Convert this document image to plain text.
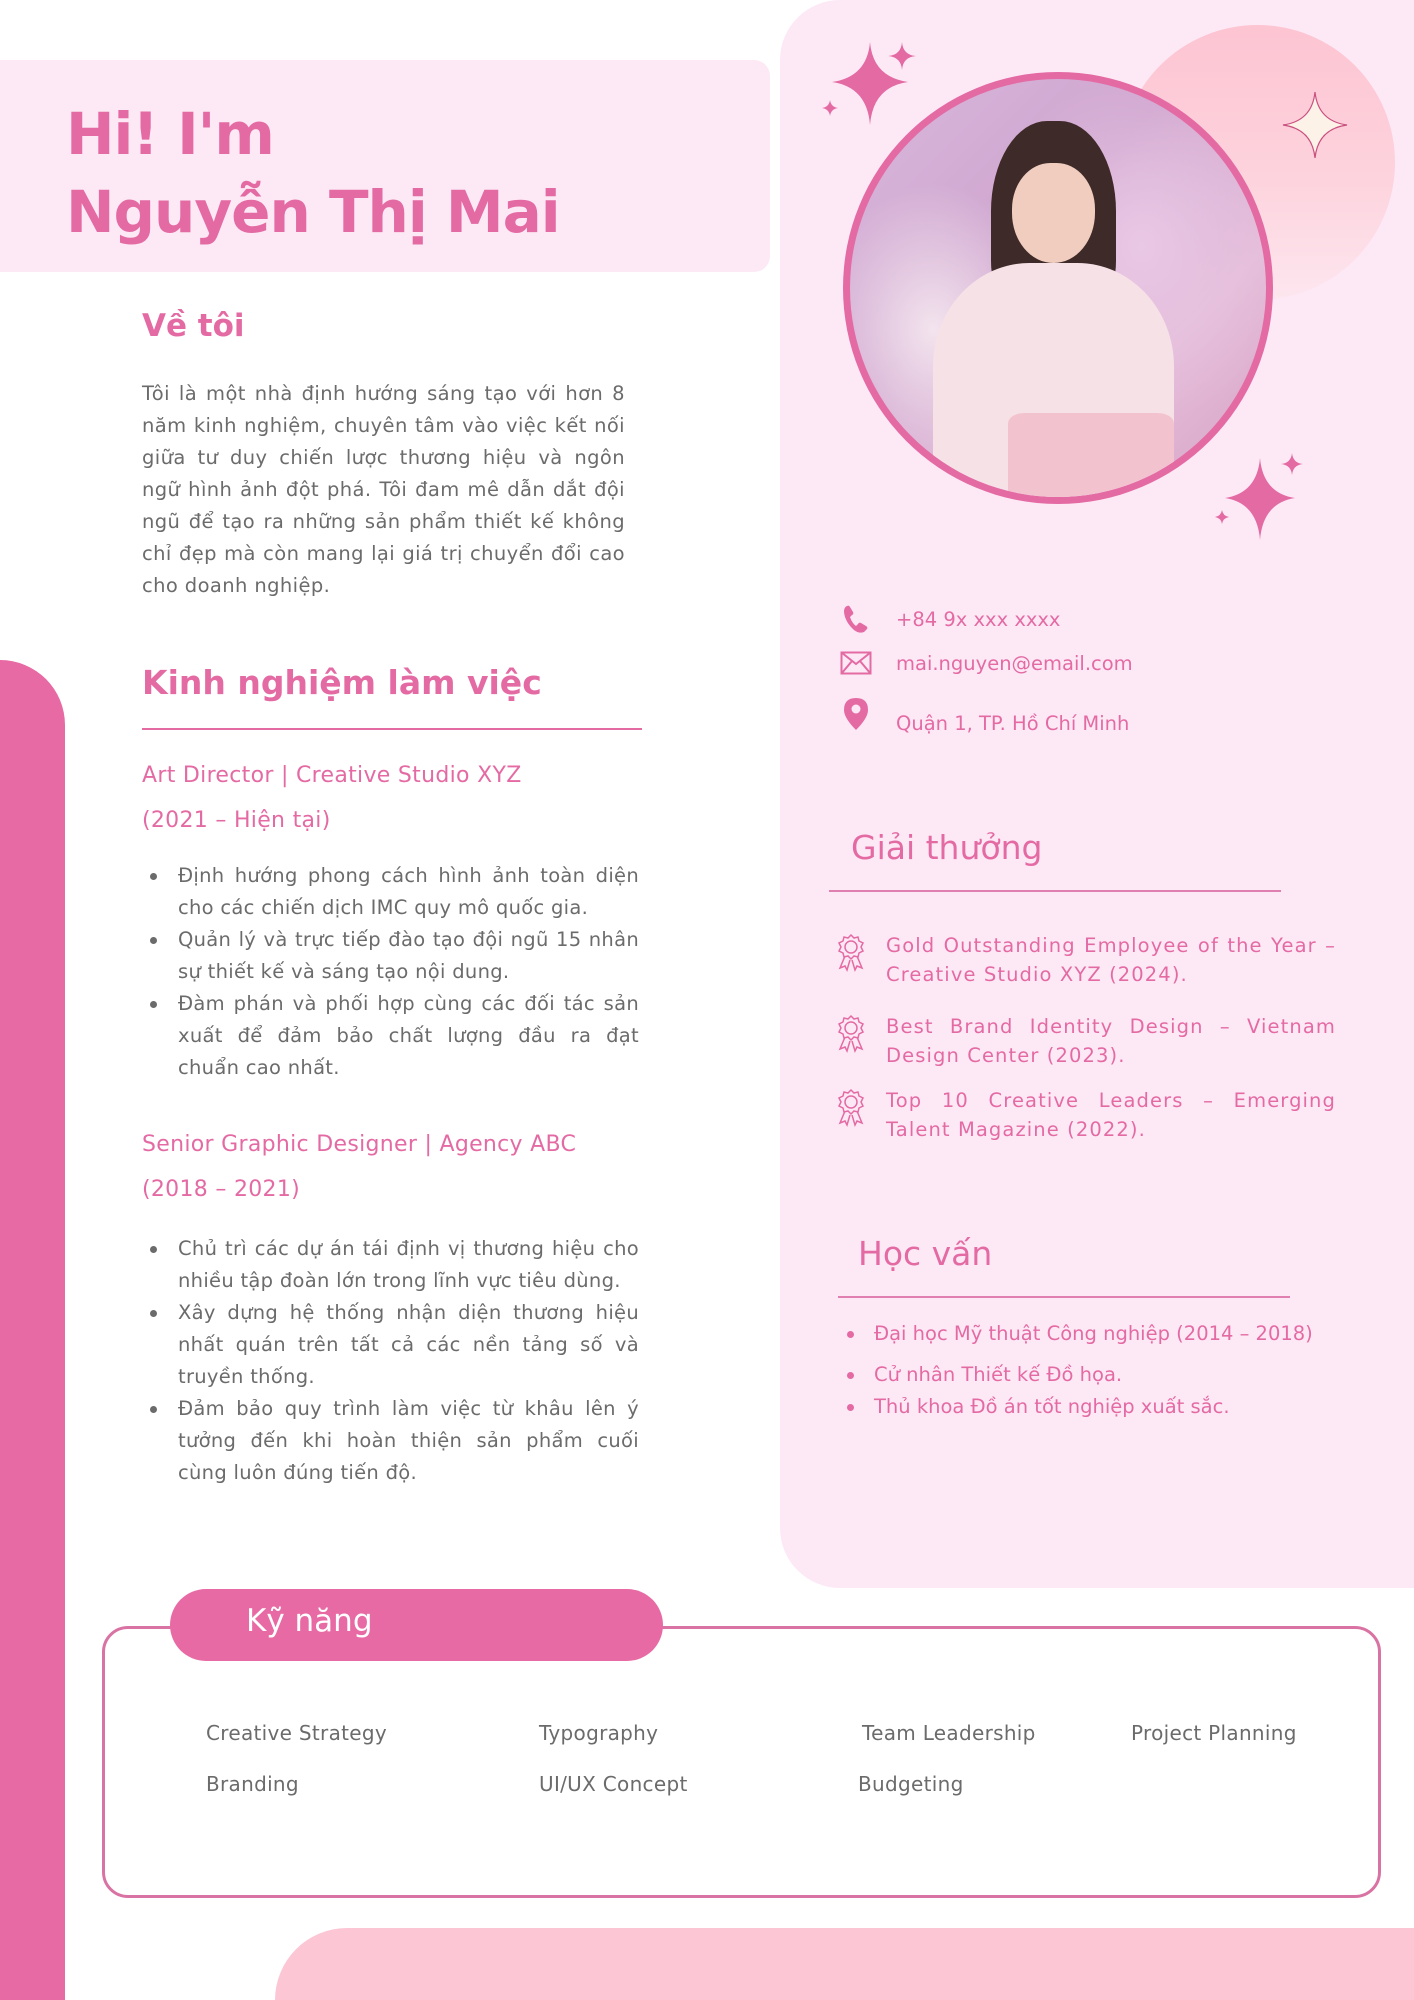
Hi! I'm
Nguyễn Thị Mai
Về tôi

Tôi là một nhà định hướng sáng tạo với hơn 8 năm kinh nghiệm, chuyên tâm vào việc kết nối giữa tư duy chiến lược thương hiệu và ngôn ngữ hình ảnh đột phá. Tôi đam mê dẫn dắt đội ngũ để tạo ra những sản phẩm thiết kế không chỉ đẹp mà còn mang lại giá trị chuyển đổi cao cho doanh nghiệp.

Kinh nghiệm làm việc
Art Director | Creative Studio XYZ
(2021 – Hiện tại)
Định hướng phong cách hình ảnh toàn diện cho các chiến dịch IMC quy mô quốc gia.
Quản lý và trực tiếp đào tạo đội ngũ 15 nhân sự thiết kế và sáng tạo nội dung.
Đàm phán và phối hợp cùng các đối tác sản xuất để đảm bảo chất lượng đầu ra đạt chuẩn cao nhất.
Senior Graphic Designer | Agency ABC
(2018 – 2021)
Chủ trì các dự án tái định vị thương hiệu cho nhiều tập đoàn lớn trong lĩnh vực tiêu dùng.
Xây dựng hệ thống nhận diện thương hiệu nhất quán trên tất cả các nền tảng số và truyền thống.
Đảm bảo quy trình làm việc từ khâu lên ý tưởng đến khi hoàn thiện sản phẩm cuối cùng luôn đúng tiến độ.
+84 9x xxx xxxx
mai.nguyen@email.com
Quận 1, TP. Hồ Chí Minh
Giải thưởng
Gold Outstanding Employee of the Year – Creative Studio XYZ (2024).
Best Brand Identity Design – Vietnam Design Center (2023).
Top 10 Creative Leaders – Emerging Talent Magazine (2022).
Học vấn
Đại học Mỹ thuật Công nghiệp (2014 – 2018)
Cử nhân Thiết kế Đồ họa.
Thủ khoa Đồ án tốt nghiệp xuất sắc.
Kỹ năng
Creative Strategy	Typography	Team Leadership	Project Planning
Branding	UI/UX Concept	Budgeting
